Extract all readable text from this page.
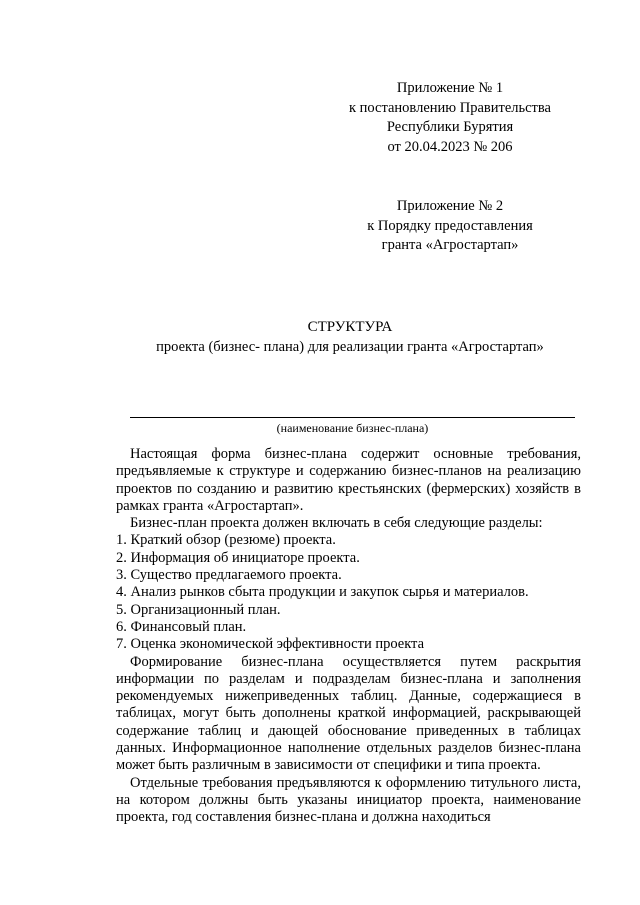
Приложение № 1
к постановлению Правительства
Республики Бурятия
от 20.04.2023 № 206
Приложение № 2
к Порядку предоставления
гранта «Агростартап»
СТРУКТУРА
проекта (бизнес- плана) для реализации гранта «Агростартап»
(наименование бизнес-плана)

Настоящая форма бизнес-плана содержит основные требования, предъявляемые к структуре и содержанию бизнес-планов на реализацию проектов по созданию и развитию крестьянских (фермерских) хозяйств в рамках гранта «Агростартап».

Бизнес-план проекта должен включать в себя следующие разделы:

1. Краткий обзор (резюме) проекта.

2. Информация об инициаторе проекта.

3. Существо предлагаемого проекта.

4. Анализ рынков сбыта продукции и закупок сырья и материалов.

5. Организационный план.

6. Финансовый план.

7. Оценка экономической эффективности проекта

Формирование бизнес-плана осуществляется путем раскрытия информации по разделам и подразделам бизнес-плана и заполнения рекомендуемых нижеприведенных таблиц. Данные, содержащиеся в таблицах, могут быть дополнены краткой информацией, раскрывающей содержание таблиц и дающей обоснование приведенных в таблицах данных. Информационное наполнение отдельных разделов бизнес-плана может быть различным в зависимости от специфики и типа проекта.

Отдельные требования предъявляются к оформлению титульного листа, на котором должны быть указаны инициатор проекта, наименование проекта, год составления бизнес-плана и должна находиться
